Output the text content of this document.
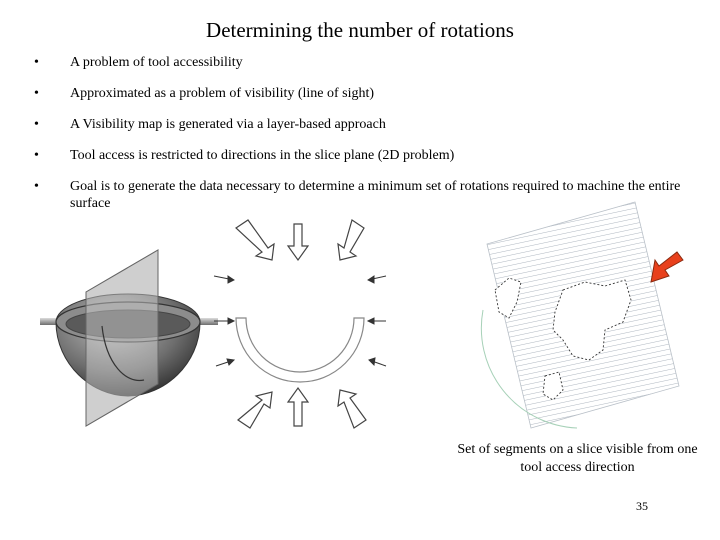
Determining the number of rotations
• A problem of tool accessibility
• Approximated as a problem of visibility (line of sight)
• A Visibility map is generated via a layer-based approach
• Tool access is restricted to directions in the slice plane (2D problem)
• Goal is to generate the data necessary to determine a minimum set of rotations required to machine the entire surface
Set of segments on a slice visible from one tool access direction
35
